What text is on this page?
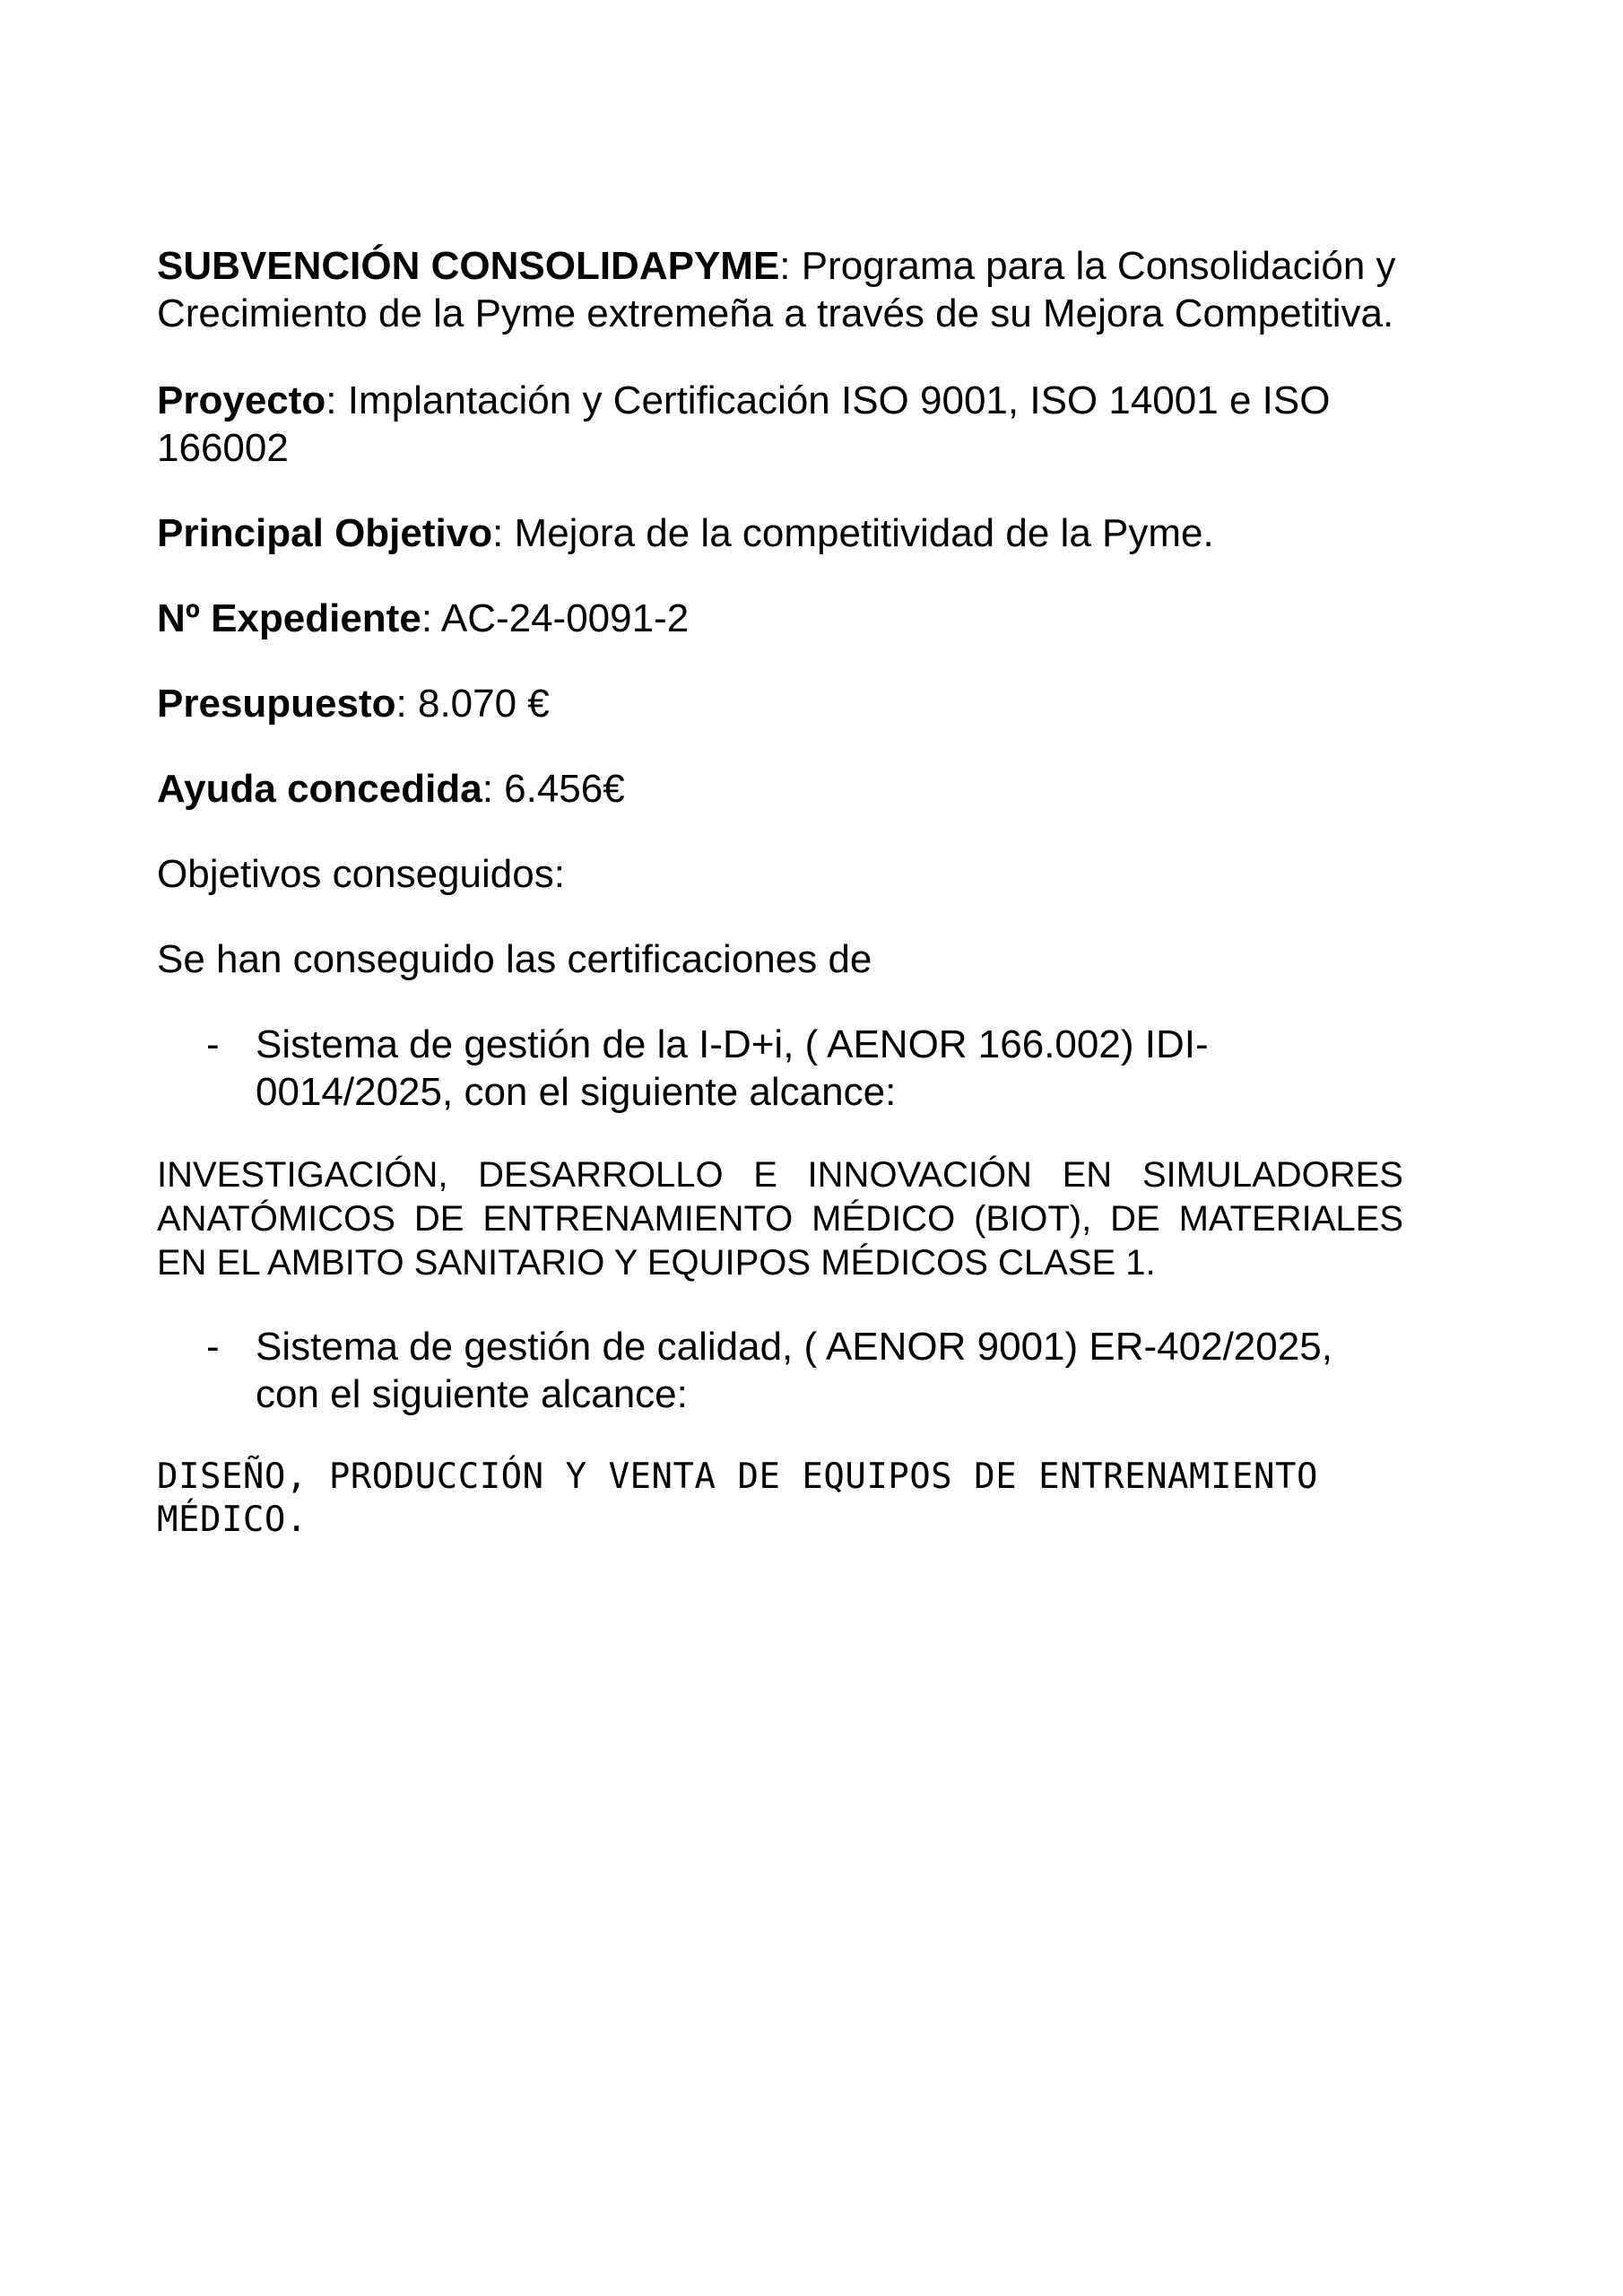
SUBVENCIÓN CONSOLIDAPYME: Programa para la Consolidación y Crecimiento de la Pyme extremeña a través de su Mejora Competitiva.

Proyecto: Implantación y Certificación ISO 9001, ISO 14001 e ISO 166002

Principal Objetivo: Mejora de la competitividad de la Pyme.

Nº Expediente: AC-24-0091-2

Presupuesto: 8.070 €

Ayuda concedida: 6.456€

Objetivos conseguidos:

Se han conseguido las certificaciones de

- Sistema de gestión de la I-D+i, ( AENOR 166.002) IDI-0014/2025, con el siguiente alcance:

INVESTIGACIÓN, DESARROLLO E INNOVACIÓN EN SIMULADORES ANATÓMICOS DE ENTRENAMIENTO MÉDICO (BIOT), DE MATERIALES EN EL AMBITO SANITARIO Y EQUIPOS MÉDICOS CLASE 1.

- Sistema de gestión de calidad, ( AENOR 9001) ER-402/2025, con el siguiente alcance:

DISEÑO, PRODUCCIÓN Y VENTA DE EQUIPOS DE ENTRENAMIENTO MÉDICO.
